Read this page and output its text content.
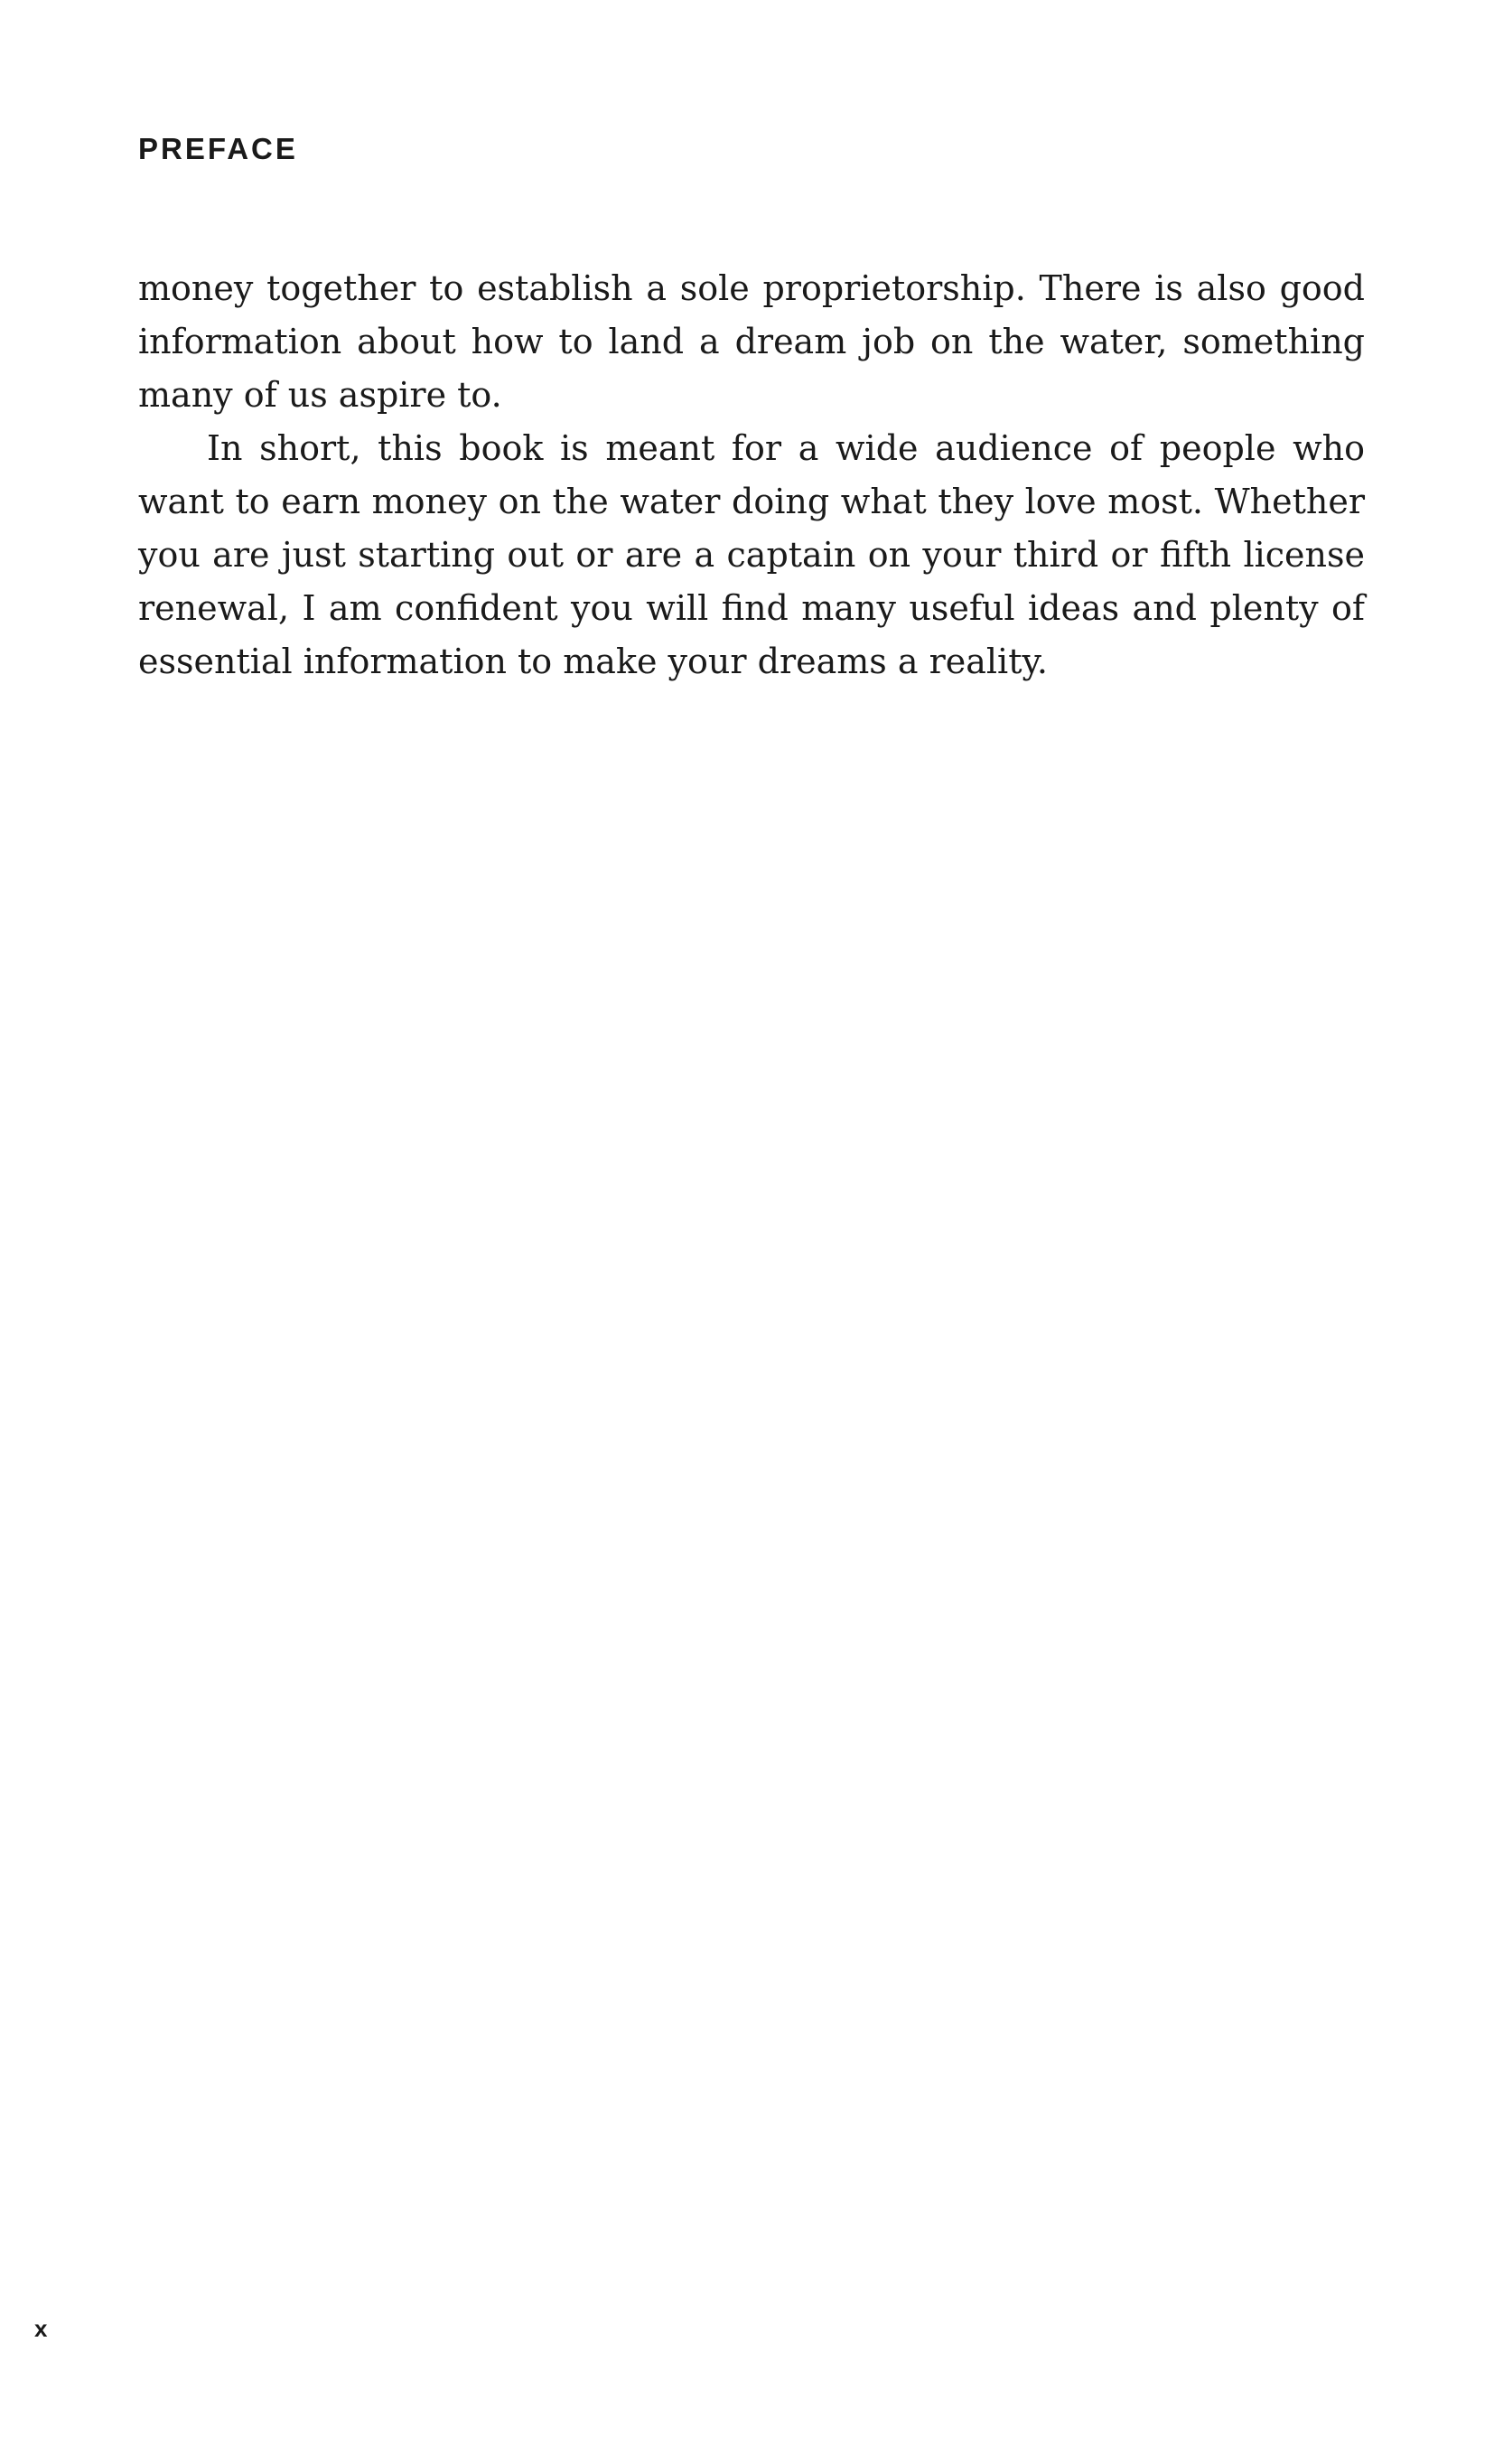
PREFACE

money together to establish a sole proprietorship. There is also good information about how to land a dream job on the water, something many of us aspire to.

In short, this book is meant for a wide audience of people who want to earn money on the water doing what they love most. Whether you are just starting out or are a captain on your third or fifth license renewal, I am confident you will find many useful ideas and plenty of essential information to make your dreams a reality.

x
